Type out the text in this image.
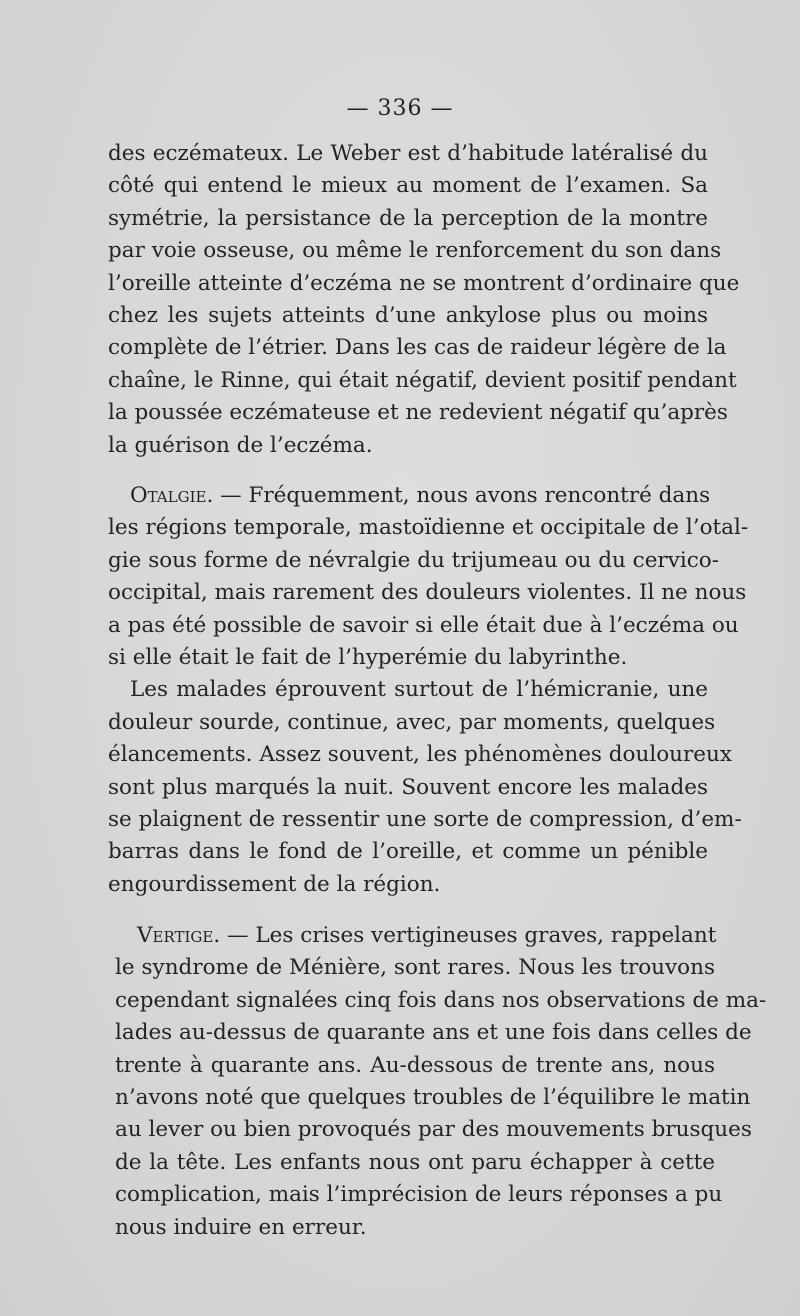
— 336 —
des eczémateux. Le Weber est d’habitude latéralisé du
côté qui entend le mieux au moment de l’examen. Sa
symétrie, la persistance de la perception de la montre
par voie osseuse, ou même le renforcement du son dans
l’oreille atteinte d’eczéma ne se montrent d’ordinaire que
chez les sujets atteints d’une ankylose plus ou moins
complète de l’étrier. Dans les cas de raideur légère de la
chaîne, le Rinne, qui était négatif, devient positif pendant
la poussée eczémateuse et ne redevient négatif qu’après
la guérison de l’eczéma.
Otalgie. — Fréquemment, nous avons rencontré dans
les régions temporale, mastoïdienne et occipitale de l’otal-
gie sous forme de névralgie du trijumeau ou du cervico-
occipital, mais rarement des douleurs violentes. Il ne nous
a pas été possible de savoir si elle était due à l’eczéma ou
si elle était le fait de l’hyperémie du labyrinthe.
Les malades éprouvent surtout de l’hémicranie, une
douleur sourde, continue, avec, par moments, quelques
élancements. Assez souvent, les phénomènes douloureux
sont plus marqués la nuit. Souvent encore les malades
se plaignent de ressentir une sorte de compression, d’em-
barras dans le fond de l’oreille, et comme un pénible
engourdissement de la région.
Vertige. — Les crises vertigineuses graves, rappelant
le syndrome de Ménière, sont rares. Nous les trouvons
cependant signalées cinq fois dans nos observations de ma-
lades au-dessus de quarante ans et une fois dans celles de
trente à quarante ans. Au-dessous de trente ans, nous
n’avons noté que quelques troubles de l’équilibre le matin
au lever ou bien provoqués par des mouvements brusques
de la tête. Les enfants nous ont paru échapper à cette
complication, mais l’imprécision de leurs réponses a pu
nous induire en erreur.
